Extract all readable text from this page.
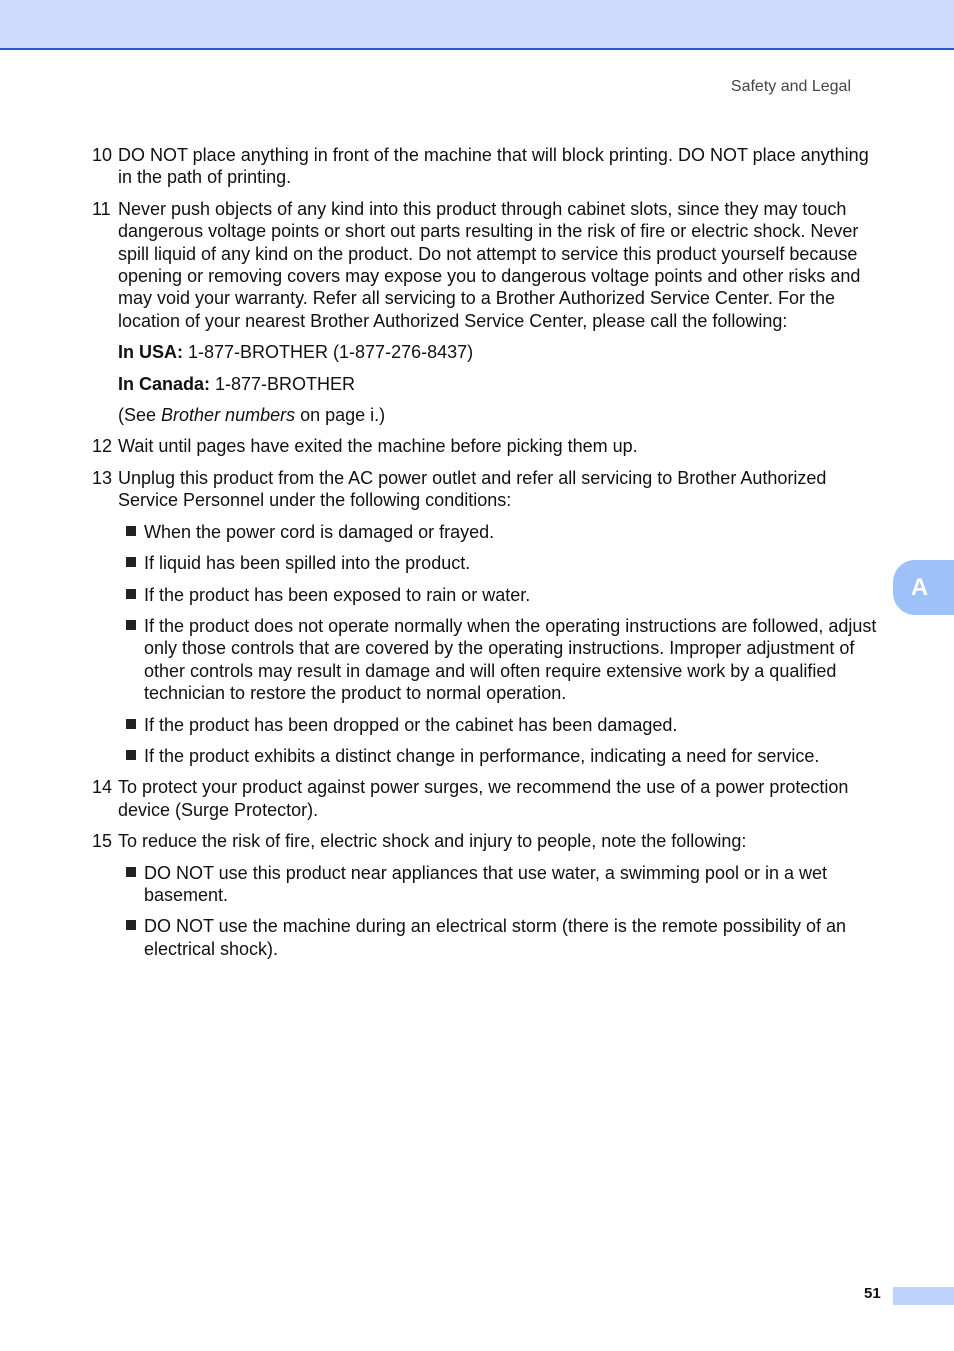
Safety and Legal
10 DO NOT place anything in front of the machine that will block printing. DO NOT place anything in the path of printing.
11 Never push objects of any kind into this product through cabinet slots, since they may touch dangerous voltage points or short out parts resulting in the risk of fire or electric shock. Never spill liquid of any kind on the product. Do not attempt to service this product yourself because opening or removing covers may expose you to dangerous voltage points and other risks and may void your warranty. Refer all servicing to a Brother Authorized Service Center. For the location of your nearest Brother Authorized Service Center, please call the following:
In USA: 1-877-BROTHER (1-877-276-8437)
In Canada: 1-877-BROTHER
(See Brother numbers on page i.)
12 Wait until pages have exited the machine before picking them up.
13 Unplug this product from the AC power outlet and refer all servicing to Brother Authorized Service Personnel under the following conditions:
When the power cord is damaged or frayed.
If liquid has been spilled into the product.
If the product has been exposed to rain or water.
If the product does not operate normally when the operating instructions are followed, adjust only those controls that are covered by the operating instructions. Improper adjustment of other controls may result in damage and will often require extensive work by a qualified technician to restore the product to normal operation.
If the product has been dropped or the cabinet has been damaged.
If the product exhibits a distinct change in performance, indicating a need for service.
14 To protect your product against power surges, we recommend the use of a power protection device (Surge Protector).
15 To reduce the risk of fire, electric shock and injury to people, note the following:
DO NOT use this product near appliances that use water, a swimming pool or in a wet basement.
DO NOT use the machine during an electrical storm (there is the remote possibility of an electrical shock).
A
51
